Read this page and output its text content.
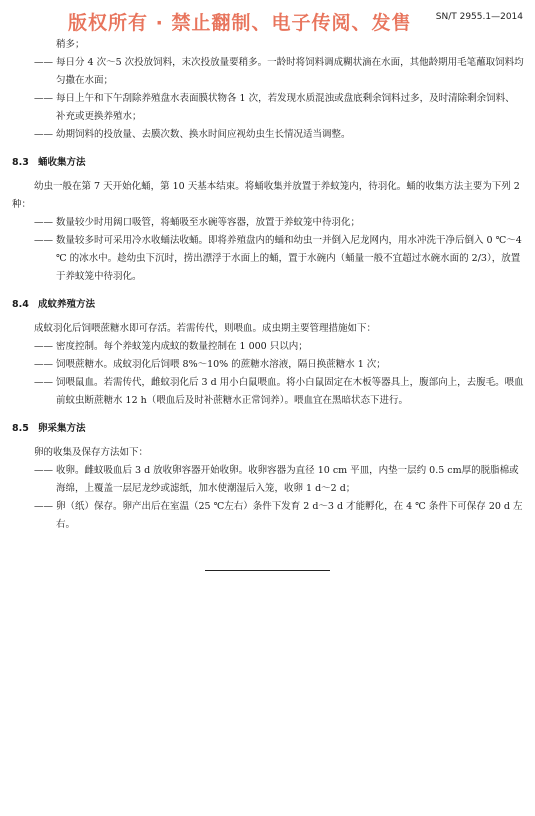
版权所有 · 禁止翻制、电子传阅、发售	SN/T 2955.1—2014

稍多；

—— 每日分 4 次～5 次投放饲料，末次投放量要稍多。一龄时将饲料调成糊状滴在水面，其他龄期用毛笔蘸取饲料均匀撒在水面；

—— 每日上午和下午刮除养殖盘水表面膜状物各 1 次，若发现水质混浊或盘底剩余饲料过多，及时清除剩余饲料、补充或更换养殖水；

—— 幼期饲料的投放量、去膜次数、换水时间应视幼虫生长情况适当调整。

8.3 蛹收集方法

幼虫一般在第 7 天开始化蛹，第 10 天基本结束。将蛹收集并放置于养蚊笼内，待羽化。蛹的收集方法主要为下列 2 种：

—— 数量较少时用阔口吸管，将蛹吸至水碗等容器，放置于养蚊笼中待羽化；

—— 数量较多时可采用冷水收蛹法收蛹。即将养殖盘内的蛹和幼虫一并倒入尼龙网内，用水冲洗干净后倒入 0 ℃～4 ℃ 的冰水中。趁幼虫下沉时，捞出漂浮于水面上的蛹，置于水碗内（蛹量一般不宜超过水碗水面的 2/3），放置于养蚊笼中待羽化。

8.4 成蚊养殖方法

成蚊羽化后饲喂蔗糖水即可存活。若需传代，则喂血。成虫期主要管理措施如下：

—— 密度控制。每个养蚊笼内成蚊的数量控制在 1 000 只以内；

—— 饲喂蔗糖水。成蚊羽化后饲喂 8%～10% 的蔗糖水溶液，隔日换蔗糖水 1 次；

—— 饲喂鼠血。若需传代，雌蚊羽化后 3 d 用小白鼠喂血。将小白鼠固定在木板等器具上，腹部向上，去腹毛。喂血前蚊虫断蔗糖水 12 h（喂血后及时补蔗糖水正常饲养）。喂血宜在黑暗状态下进行。

8.5 卵采集方法

卵的收集及保存方法如下：

—— 收卵。雌蚊吸血后 3 d 放收卵容器开始收卵。收卵容器为直径 10 cm 平皿，内垫一层约 0.5 cm厚的脱脂棉或海绵，上覆盖一层尼龙纱或滤纸，加水使潮湿后入笼，收卵 1 d～2 d；

—— 卵（纸）保存。卵产出后在室温（25 ℃左右）条件下发育 2 d～3 d 才能孵化，在 4 ℃ 条件下可保存 20 d 左右。
